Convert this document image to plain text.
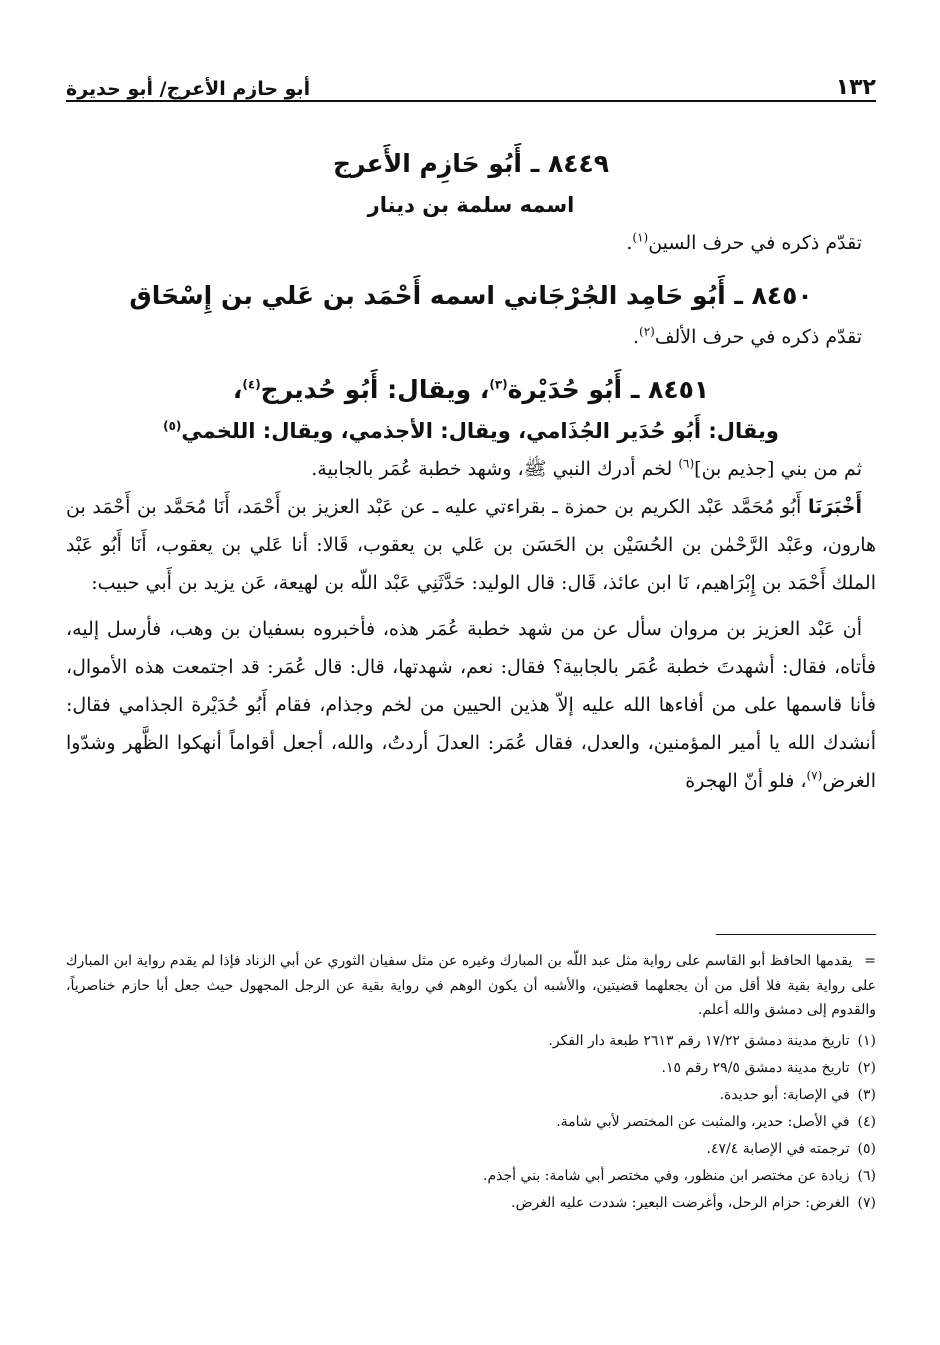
١٣٢
أبو حازم الأعرج/ أبو حديرة
٨٤٤٩ ـ أَبُو حَازِم الأَعرج
اسمه سلمة بن دينار
تقدّم ذكره في حرف السين$^{(١)}$.
٨٤٥٠ ـ أَبُو حَامِد الجُرْجَاني اسمه أَحْمَد بن عَلي بن إِسْحَاق
تقدّم ذكره في حرف الألف$^{(٢)}$.
٨٤٥١ ـ أَبُو حُدَيْرة$^{(٣)}$، ويقال: أَبُو حُديرج$^{(٤)}$،
ويقال: أَبُو حُدَير الجُذَامي، ويقال: الأجذمي، ويقال: اللخمي$^{(٥)}$
ثم من بني [جذيم بن]$^{(٦)}$ لخم أدرك النبي ﷺ، وشهد خطبة عُمَر بالجابية.

أَخْبَرَنَا أَبُو مُحَمَّد عَبْد الكريم بن حمزة ـ بقراءتي عليه ـ عن عَبْد العزيز بن أَحْمَد، أَنَا مُحَمَّد بن أَحْمَد بن هارون، وعَبْد الرَّحْمٰن بن الحُسَيْن بن الحَسَن بن عَلي بن يعقوب، قَالا: أنا عَلي بن يعقوب، أَنَا أَبُو عَبْد الملك أَحْمَد بن إِبْرَاهيم، نَا ابن عائذ، قَال: قال الوليد: حَدَّثَنِي عَبْد اللّه بن لهيعة، عَن يزيد بن أَبي حبيب:

أن عَبْد العزيز بن مروان سأل عن من شهد خطبة عُمَر هذه، فأخبروه بسفيان بن وهب، فأرسل إليه، فأتاه، فقال: أشهدتَ خطبة عُمَر بالجابية؟ فقال: نعم، شهدتها، قال: قال عُمَر: قد اجتمعت هذه الأموال، فأنا قاسمها على من أفاءها الله عليه إلاّ هذين الحيين من لخم وجذام، فقام أَبُو حُدَيْرة الجذامي فقال: أنشدك الله يا أمير المؤمنين، والعدل، فقال عُمَر: العدلَ أردتُ، والله، أجعل أقواماً أنهكوا الظَّهر وشدّوا الغرض$^{(٧)}$، فلو أنّ الهجرة

=يقدمها الحافظ أبو القاسم على رواية مثل عبد اللّه بن المبارك وغيره عن مثل سفيان الثوري عن أبي الزناد فإذا لم يقدم رواية ابن المبارك على رواية بقية فلا أقل من أن يجعلهما قضيتين، والأشبه أن يكون الوهم في رواية بقية عن الرجل المجهول حيث جعل أبا حازم خناصرياً، والقدوم إلى دمشق والله أعلم.
(١)
تاريخ مدينة دمشق ١٧/٢٢ رقم ٢٦١٣ طبعة دار الفكر.
(٢)
تاريخ مدينة دمشق ٢٩/٥ رقم ١٥.
(٣)
في الإصابة: أبو حديدة.
(٤)
في الأصل: حدير، والمثبت عن المختصر لأبي شامة.
(٥)
ترجمته في الإصابة ٤٧/٤.
(٦)
زيادة عن مختصر ابن منظور، وفي مختصر أبي شامة: بني أجذم.
(٧)
الغرض: حزام الرحل، وأغرضت البعير: شددت عليه الغرض.
